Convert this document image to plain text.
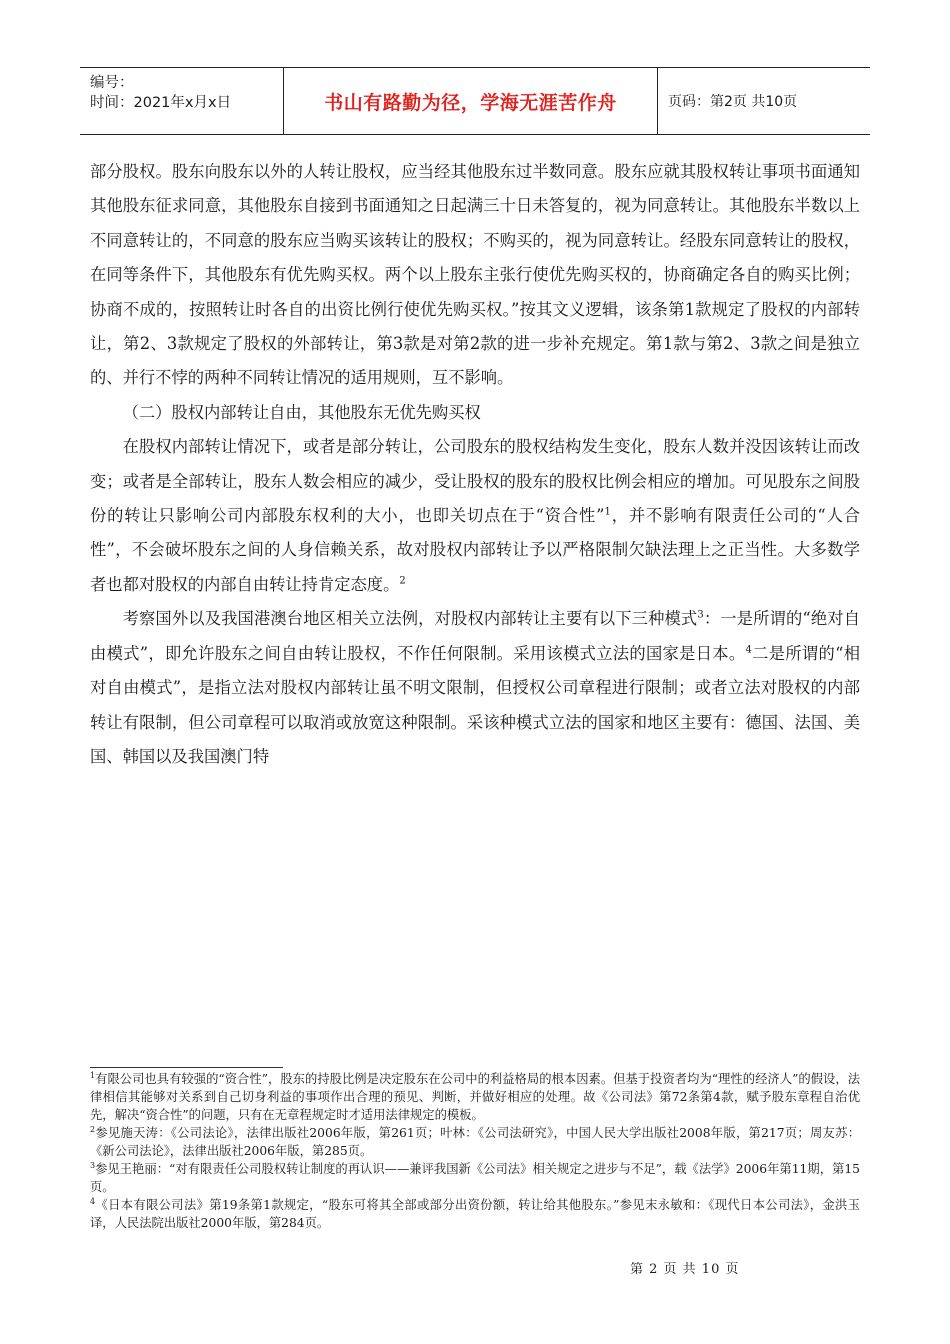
编号：
时间：2021年x月x日	书山有路勤为径，学海无涯苦作舟	页码：第2页 共10页

部分股权。股东向股东以外的人转让股权，应当经其他股东过半数同意。股东应就其股权转让事项书面通知其他股东征求同意，其他股东自接到书面通知之日起满三十日未答复的，视为同意转让。其他股东半数以上不同意转让的，不同意的股东应当购买该转让的股权；不购买的，视为同意转让。经股东同意转让的股权，在同等条件下，其他股东有优先购买权。两个以上股东主张行使优先购买权的，协商确定各自的购买比例；协商不成的，按照转让时各自的出资比例行使优先购买权。”按其文义逻辑，该条第1款规定了股权的内部转让，第2、3款规定了股权的外部转让，第3款是对第2款的进一步补充规定。第1款与第2、3款之间是独立的、并行不悖的两种不同转让情况的适用规则，互不影响。

（二）股权内部转让自由，其他股东无优先购买权

在股权内部转让情况下，或者是部分转让，公司股东的股权结构发生变化，股东人数并没因该转让而改变；或者是全部转让，股东人数会相应的减少，受让股权的股东的股权比例会相应的增加。可见股东之间股份的转让只影响公司内部股东权利的大小，也即关切点在于“资合性”$^1$，并不影响有限责任公司的“人合性”，不会破坏股东之间的人身信赖关系，故对股权内部转让予以严格限制欠缺法理上之正当性。大多数学者也都对股权的内部自由转让持肯定态度。$^2$

考察国外以及我国港澳台地区相关立法例，对股权内部转让主要有以下三种模式$^3$：一是所谓的“绝对自由模式”，即允许股东之间自由转让股权，不作任何限制。采用该模式立法的国家是日本。$^4$二是所谓的“相对自由模式”，是指立法对股权内部转让虽不明文限制，但授权公司章程进行限制；或者立法对股权的内部转让有限制，但公司章程可以取消或放宽这种限制。采该种模式立法的国家和地区主要有：德国、法国、美国、韩国以及我国澳门特

$^1$有限公司也具有较强的“资合性”，股东的持股比例是决定股东在公司中的利益格局的根本因素。但基于投资者均为“理性的经济人”的假设，法律相信其能够对关系到自己切身利益的事项作出合理的预见、判断，并做好相应的处理。故《公司法》第72条第4款，赋予股东章程自治优先，解决“资合性”的问题，只有在无章程规定时才适用法律规定的模板。

$^2$参见施天涛：《公司法论》，法律出版社2006年版，第261页；叶林：《公司法研究》，中国人民大学出版社2008年版，第217页；周友苏：《新公司法论》，法律出版社2006年版，第285页。

$^3$参见王艳丽：“对有限责任公司股权转让制度的再认识——兼评我国新《公司法》相关规定之进步与不足”，载《法学》2006年第11期，第15页。

$^4$《日本有限公司法》第19条第1款规定，“股东可将其全部或部分出资份额，转让给其他股东。”参见末永敏和：《现代日本公司法》，金洪玉译，人民法院出版社2000年版，第284页。

第 2 页 共 10 页
